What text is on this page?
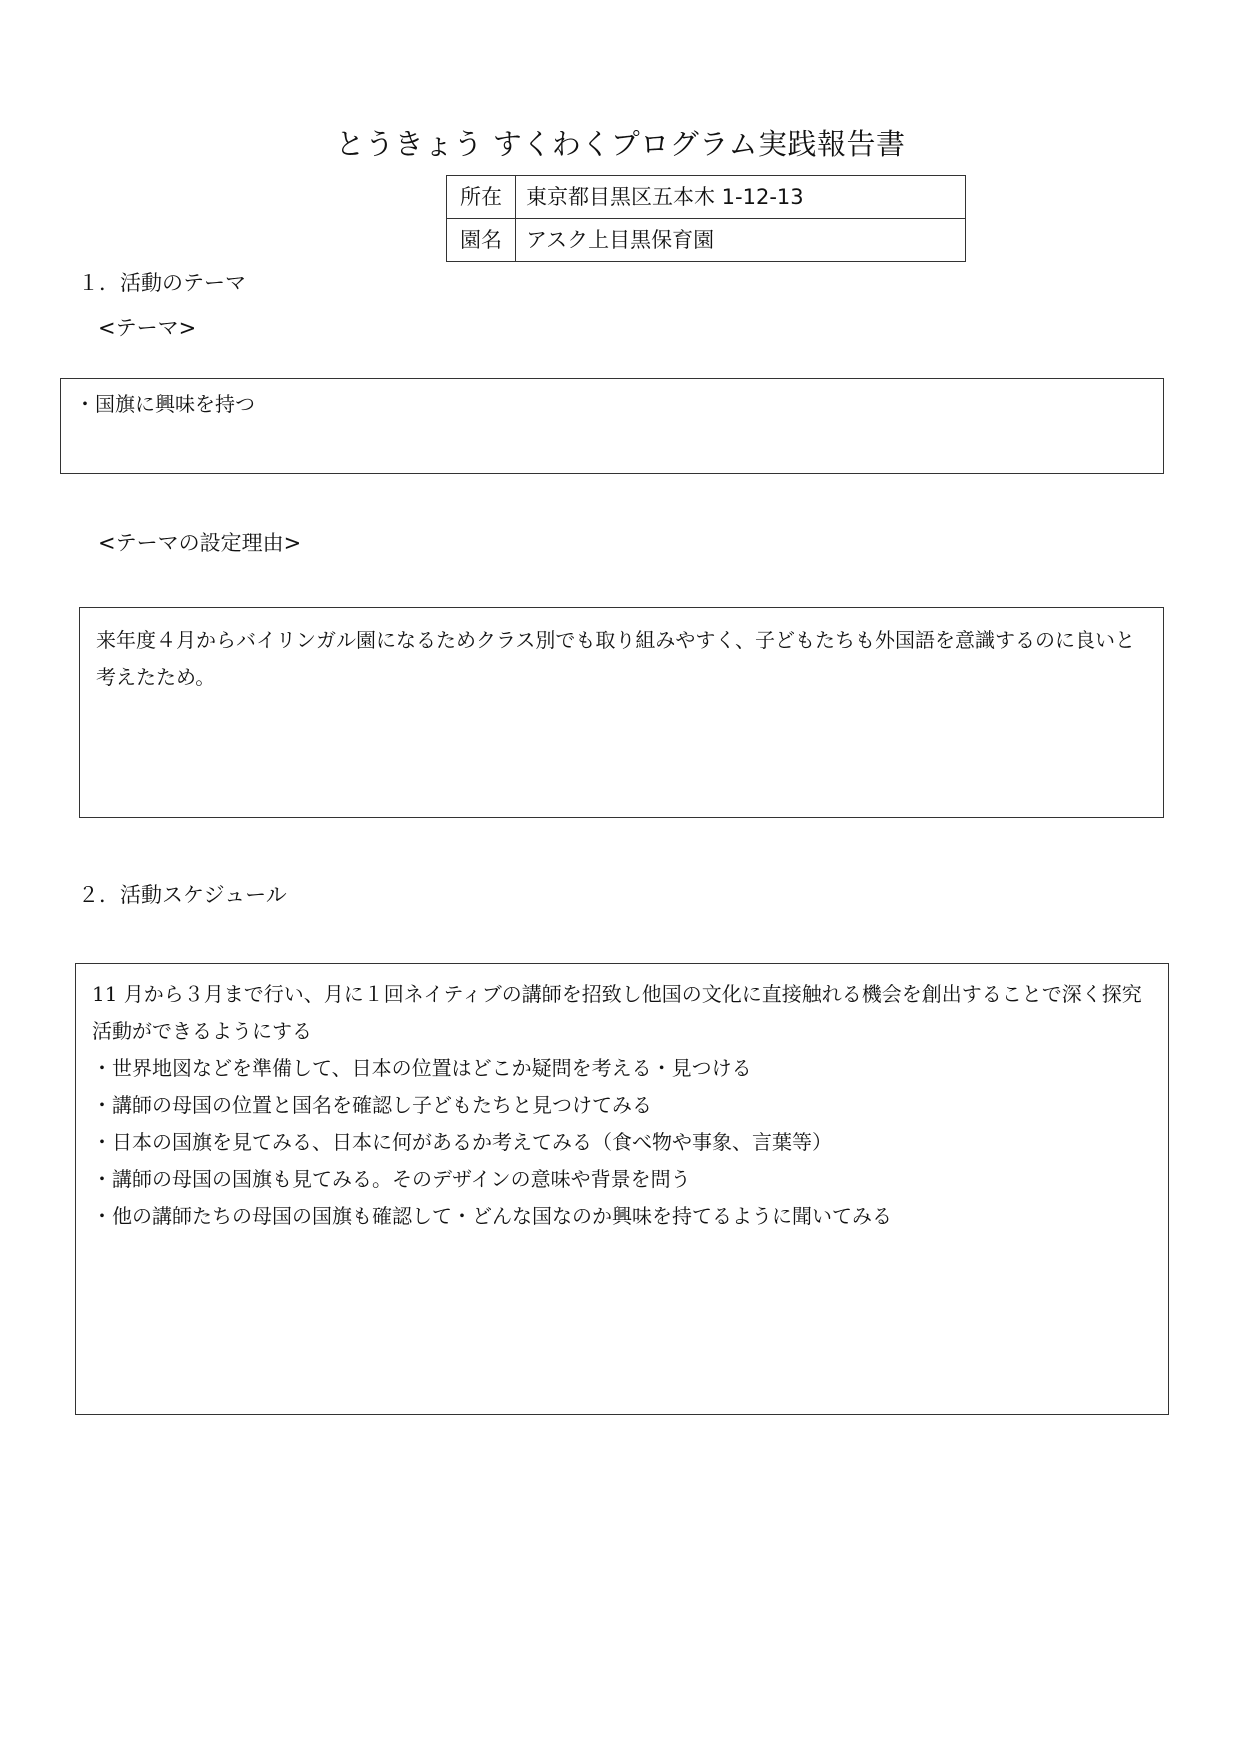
とうきょう すくわくプログラム実践報告書
所在	東京都目黒区五本木 1-12-13
園名	アスク上目黒保育園
１．活動のテーマ
<テーマ>

・国旗に興味を持つ

<テーマの設定理由>

来年度４月からバイリンガル園になるためクラス別でも取り組みやすく、子どもたちも外国語を意識するのに良いと考えたため。

２．活動スケジュール

11 月から３月まで行い、月に１回ネイティブの講師を招致し他国の文化に直接触れる機会を創出することで深く探究活動ができるようにする

・世界地図などを準備して、日本の位置はどこか疑問を考える・見つける

・講師の母国の位置と国名を確認し子どもたちと見つけてみる

・日本の国旗を見てみる、日本に何があるか考えてみる（食べ物や事象、言葉等）

・講師の母国の国旗も見てみる。そのデザインの意味や背景を問う

・他の講師たちの母国の国旗も確認して・どんな国なのか興味を持てるように聞いてみる
